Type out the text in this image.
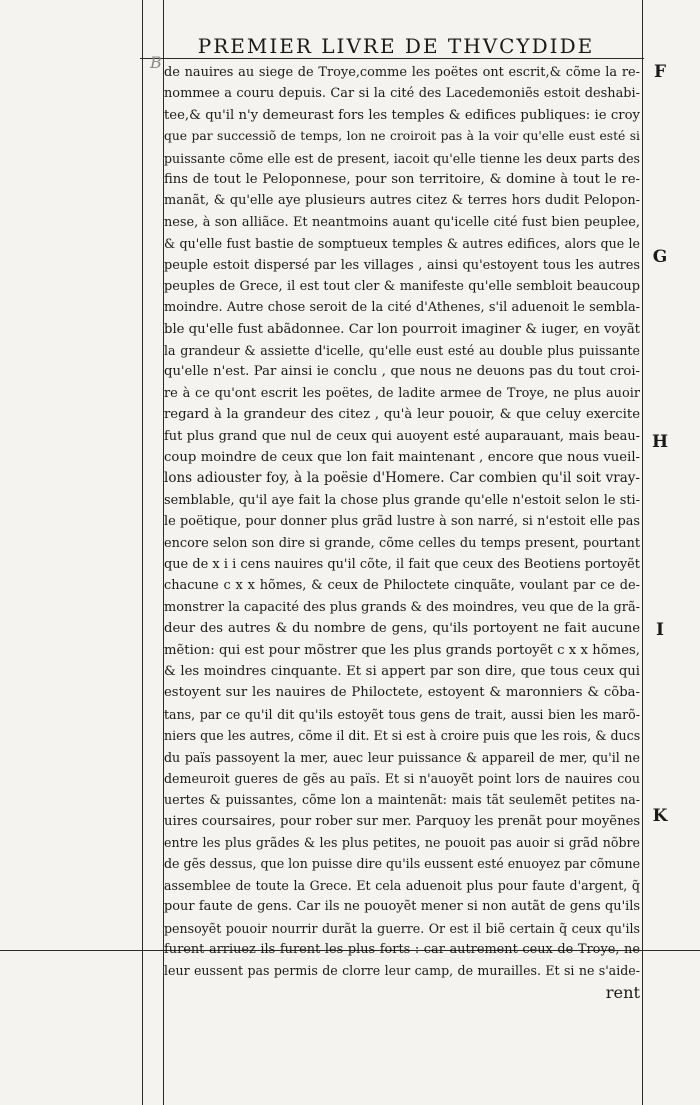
B
PREMIER LIVRE DE THVCYDIDE
F
G
H
I
K
de nauires au siege de Troye,comme les poëtes ont escrit,& cõme la re-
nommee a couru depuis. Car si la cité des Lacedemoniẽs estoit deshabi-
tee,& qu'il n'y demeurast fors les temples & edifices publiques: ie croy
que par successiõ de temps, lon ne croiroit pas à la voir qu'elle eust esté si
puissante cõme elle est de present, iacoit qu'elle tienne les deux parts des
fins de tout le Peloponnese, pour son territoire, & domine à tout le re-
manãt, & qu'elle aye plusieurs autres citez & terres hors dudit Pelopon-
nese, à son alliãce. Et neantmoins auant qu'icelle cité fust bien peuplee,
& qu'elle fust bastie de somptueux temples & autres edifices, alors que le
peuple estoit dispersé par les villages , ainsi qu'estoyent tous les autres
peuples de Grece, il est tout cler & manifeste qu'elle sembloit beaucoup
moindre. Autre chose seroit de la cité d'Athenes, s'il aduenoit le sembla-
ble qu'elle fust abãdonnee. Car lon pourroit imaginer & iuger, en voyãt
la grandeur & assiette d'icelle, qu'elle eust esté au double plus puissante
qu'elle n'est. Par ainsi ie conclu , que nous ne deuons pas du tout croi-
re à ce qu'ont escrit les poëtes, de ladite armee de Troye, ne plus auoir
regard à la grandeur des citez , qu'à leur pouoir, & que celuy exercite
fut plus grand que nul de ceux qui auoyent esté auparauant, mais beau-
coup moindre de ceux que lon fait maintenant , encore que nous vueil-
lons adiouster foy, à la poësie d'Homere. Car combien qu'il soit vray-
semblable, qu'il aye fait la chose plus grande qu'elle n'estoit selon le sti-
le poëtique, pour donner plus grãd lustre à son narré, si n'estoit elle pas
encore selon son dire si grande, cõme celles du temps present, pourtant
que de x i i cens nauires qu'il cõte, il fait que ceux des Beotiens portoyẽt
chacune c x x hõmes, & ceux de Philoctete cinquãte, voulant par ce de-
monstrer la capacité des plus grands & des moindres, veu que de la grã-
deur des autres & du nombre de gens, qu'ils portoyent ne fait aucune
mẽtion: qui est pour mõstrer que les plus grands portoyẽt c x x hõmes,
& les moindres cinquante. Et si appert par son dire, que tous ceux qui
estoyent sur les nauires de Philoctete, estoyent & maronniers & cõba-
tans, par ce qu'il dit qu'ils estoyẽt tous gens de trait, aussi bien les marõ-
niers que les autres, cõme il dit. Et si est à croire puis que les rois, & ducs
du païs passoyent la mer, auec leur puissance & appareil de mer, qu'il ne
demeuroit gueres de gẽs au païs. Et si n'auoyẽt point lors de nauires cou
uertes & puissantes, cõme lon a maintenãt: mais tãt seulemẽt petites na-
uires coursaires, pour rober sur mer. Parquoy les prenãt pour moyẽnes
entre les plus grãdes & les plus petites, ne pouoit pas auoir si grãd nõbre
de gẽs dessus, que lon puisse dire qu'ils eussent esté enuoyez par cõmune
assemblee de toute la Grece. Et cela aduenoit plus pour faute d'argent, q̃
pour faute de gens. Car ils ne pouoyẽt mener si non autãt de gens qu'ils
pensoyẽt pouoir nourrir durãt la guerre. Or est il biẽ certain q̃ ceux qu'ils
furent arriuez ils furent les plus forts : car autrement ceux de Troye, ne
leur eussent pas permis de clorre leur camp, de murailles. Et si ne s'aide-
rent
